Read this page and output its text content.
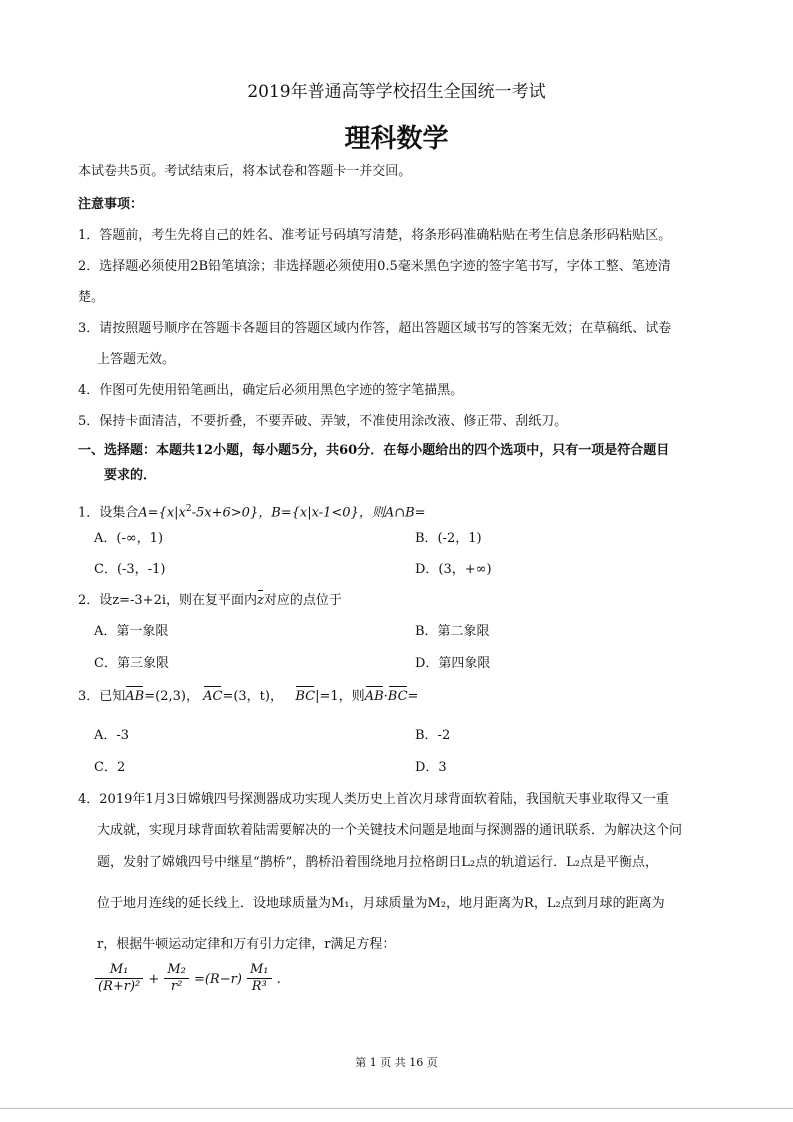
2019年普通高等学校招生全国统一考试
理科数学
本试卷共5页。考试结束后，将本试卷和答题卡一并交回。
注意事项：
1．答题前，考生先将自己的姓名、准考证号码填写清楚，将条形码准确粘贴在考生信息条形码粘贴区。
2．选择题必须使用2B铅笔填涂；非选择题必须使用0.5毫米黑色字迹的签字笔书写，字体工整、笔迹清
楚。
3．请按照题号顺序在答题卡各题目的答题区域内作答，超出答题区域书写的答案无效；在草稿纸、试卷
上答题无效。
4．作图可先使用铅笔画出，确定后必须用黑色字迹的签字笔描黑。
5．保持卡面清洁，不要折叠，不要弄破、弄皱，不准使用涂改液、修正带、刮纸刀。
一、选择题：本题共12小题，每小题5分，共60分．在每小题给出的四个选项中，只有一项是符合题目
要求的．
1．设集合$A=\{x|x^2-5x+6>0\}$，B={x|x-1<0}，则A∩B=
A．(-∞，1)	B．(-2，1)
C．(-3，-1)	D．(3，+∞)
2．设z=-3+2i，则在复平面内z对应的点位于
A．第一象限	B．第二象限
C．第三象限	D．第四象限
3．已知AB=(2,3)， AC=(3，t)， BC|=1，则AB·BC=
A．-3	B．-2
C．2	D．3
4．2019年1月3日嫦娥四号探测器成功实现人类历史上首次月球背面软着陆，我国航天事业取得又一重
大成就，实现月球背面软着陆需要解决的一个关键技术问题是地面与探测器的通讯联系．为解决这个问
题，发射了嫦娥四号中继星“鹊桥”，鹊桥沿着围绕地月拉格朗日L₂点的轨道运行．L₂点是平衡点，
位于地月连线的延长线上．设地球质量为M₁，月球质量为M₂，地月距离为R，L₂点到月球的距离为
r，根据牛顿运动定律和万有引力定律，r满足方程：
$\frac{\text{M₁}}{\text{(R+r)²}} + \frac{\text{M₂}}{\text{r²}} =(R-r) \frac{\text{M₁}}{\text{R³}}$ .
第 1 页 共 16 页
